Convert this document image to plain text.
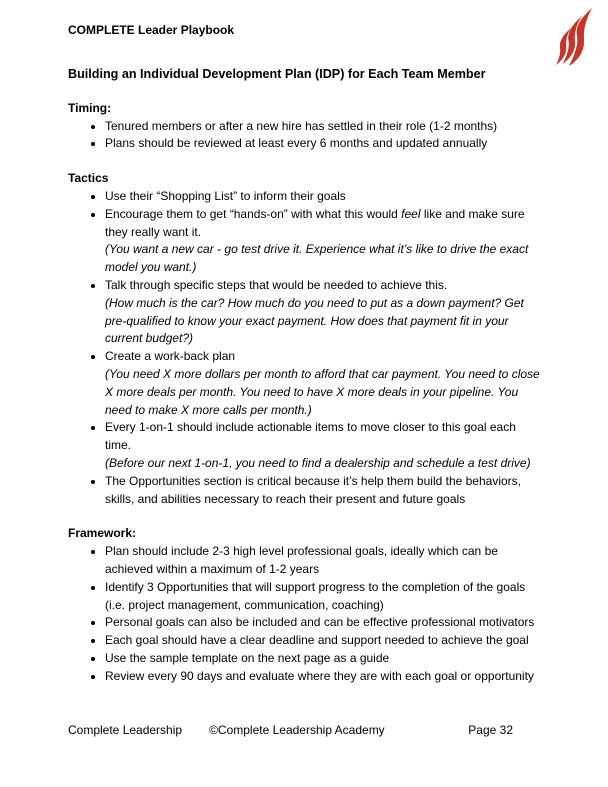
COMPLETE Leader Playbook
Building an Individual Development Plan (IDP) for Each Team Member
Timing:
• Tenured members or after a new hire has settled in their role (1-2 months)
• Plans should be reviewed at least every 6 months and updated annually
Tactics
• Use their “Shopping List” to inform their goals
• Encourage them to get “hands-on” with what this would feel like and make sure they really want it.
(You want a new car - go test drive it. Experience what it’s like to drive the exact model you want.)
• Talk through specific steps that would be needed to achieve this.
(How much is the car? How much do you need to put as a down payment? Get pre‑qualified to know your exact payment. How does that payment fit in your current budget?)
• Create a work-back plan
(You need X more dollars per month to afford that car payment. You need to close X more deals per month. You need to have X more deals in your pipeline. You need to make X more calls per month.)
• Every 1-on-1 should include actionable items to move closer to this goal each time.
(Before our next 1-on-1, you need to find a dealership and schedule a test drive)
• The Opportunities section is critical because it’s help them build the behaviors, skills, and abilities necessary to reach their present and future goals
Framework:
• Plan should include 2-3 high level professional goals, ideally which can be achieved within a maximum of 1-2 years
• Identify 3 Opportunities that will support progress to the completion of the goals (i.e. project management, communication, coaching)
• Personal goals can also be included and can be effective professional motivators
• Each goal should have a clear deadline and support needed to achieve the goal
• Use the sample template on the next page as a guide
• Review every 90 days and evaluate where they are with each goal or opportunity
Complete Leadership ©Complete Leadership Academy	Page 32
